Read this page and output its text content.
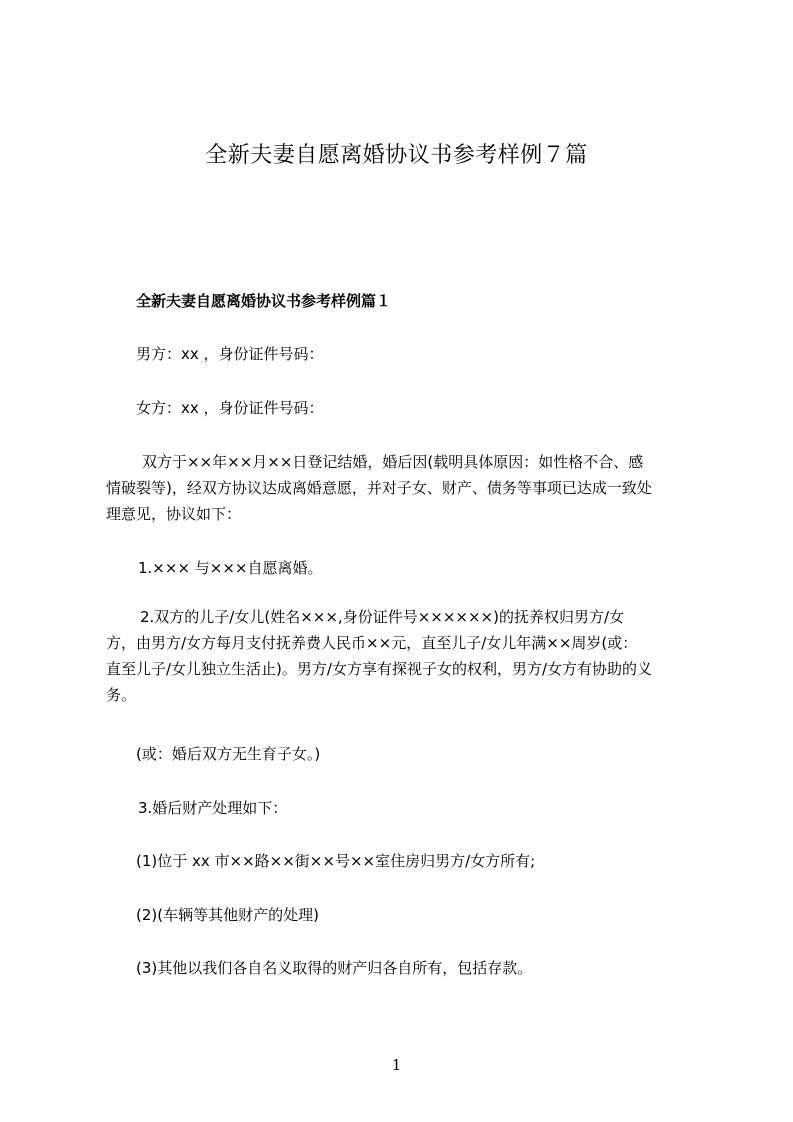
全新夫妻自愿离婚协议书参考样例７篇
全新夫妻自愿离婚协议书参考样例篇１
男方：xx ，身份证件号码：
女方：xx ，身份证件号码：
双方于××年××月××日登记结婚，婚后因(载明具体原因：如性格不合、感
情破裂等)，经双方协议达成离婚意愿，并对子女、财产、债务等事项已达成一致处
理意见，协议如下：
1.××× 与×××自愿离婚。
2.双方的儿子/女儿(姓名×××,身份证件号××××××)的抚养权归男方/女
方，由男方/女方每月支付抚养费人民币××元，直至儿子/女儿年满××周岁(或：
直至儿子/女儿独立生活止)。男方/女方享有探视子女的权利，男方/女方有协助的义
务。
(或：婚后双方无生育子女。)
3.婚后财产处理如下：
(1)位于 xx 市××路××街××号××室住房归男方/女方所有;
(2)(车辆等其他财产的处理)
(3)其他以我们各自名义取得的财产归各自所有，包括存款。
1
